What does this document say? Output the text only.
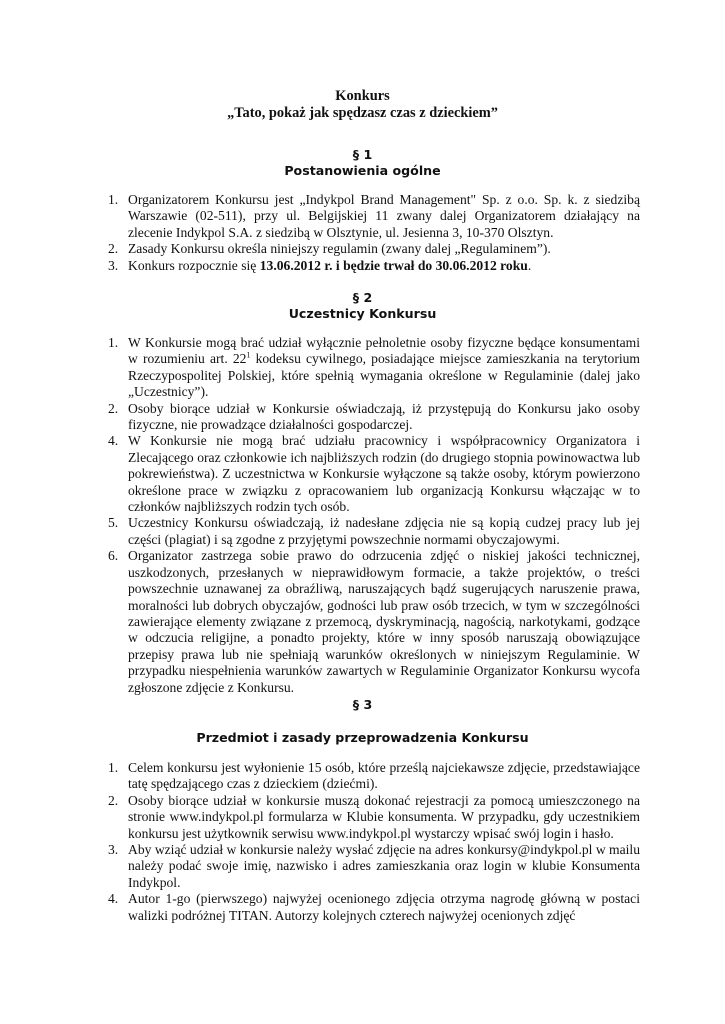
Konkurs

„Tato, pokaż jak spędzasz czas z dzieckiem”

§ 1

Postanowienia ogólne

1. Organizatorem Konkursu jest „Indykpol Brand Management" Sp. z o.o. Sp. k. z siedzibą Warszawie (02-511), przy ul. Belgijskiej 11 zwany dalej Organizatorem działający na zlecenie Indykpol S.A. z siedzibą w Olsztynie, ul. Jesienna 3, 10-370 Olsztyn.
2. Zasady Konkursu określa niniejszy regulamin (zwany dalej „Regulaminem”).
3. Konkurs rozpocznie się 13.06.2012 r. i będzie trwał do 30.06.2012 roku.

§ 2

Uczestnicy Konkursu

1. W Konkursie mogą brać udział wyłącznie pełnoletnie osoby fizyczne będące konsumentami w rozumieniu art. $22^1$ kodeksu cywilnego, posiadające miejsce zamieszkania na terytorium Rzeczypospolitej Polskiej, które spełnią wymagania określone w Regulaminie (dalej jako „Uczestnicy”).
2. Osoby biorące udział w Konkursie oświadczają, iż przystępują do Konkursu jako osoby fizyczne, nie prowadzące działalności gospodarczej.
4. W Konkursie nie mogą brać udziału pracownicy i współpracownicy Organizatora i Zlecającego oraz członkowie ich najbliższych rodzin (do drugiego stopnia powinowactwa lub pokrewieństwa). Z uczestnictwa w Konkursie wyłączone są także osoby, którym powierzono określone prace w związku z opracowaniem lub organizacją Konkursu włączając w to członków najbliższych rodzin tych osób.
5. Uczestnicy Konkursu oświadczają, iż nadesłane zdjęcia nie są kopią cudzej pracy lub jej części (plagiat) i są zgodne z przyjętymi powszechnie normami obyczajowymi.
6. Organizator zastrzega sobie prawo do odrzucenia zdjęć o niskiej jakości technicznej, uszkodzonych, przesłanych w nieprawidłowym formacie, a także projektów, o treści powszechnie uznawanej za obraźliwą, naruszających bądź sugerujących naruszenie prawa, moralności lub dobrych obyczajów, godności lub praw osób trzecich, w tym w szczególności zawierające elementy związane z przemocą, dyskryminacją, nagością, narkotykami, godzące w odczucia religijne, a ponadto projekty, które w inny sposób naruszają obowiązujące przepisy prawa lub nie spełniają warunków określonych w niniejszym Regulaminie. W przypadku niespełnienia warunków zawartych w Regulaminie Organizator Konkursu wycofa zgłoszone zdjęcie z Konkursu.

§ 3

Przedmiot i zasady przeprowadzenia Konkursu

1. Celem konkursu jest wyłonienie 15 osób, które prześlą najciekawsze zdjęcie, przedstawiające tatę spędzającego czas z dzieckiem (dziećmi).
2. Osoby biorące udział w konkursie muszą dokonać rejestracji za pomocą umieszczonego na stronie www.indykpol.pl formularza w Klubie konsumenta. W przypadku, gdy uczestnikiem konkursu jest użytkownik serwisu www.indykpol.pl wystarczy wpisać swój login i hasło.
3. Aby wziąć udział w konkursie należy wysłać zdjęcie na adres konkursy@indykpol.pl w mailu należy podać swoje imię, nazwisko i adres zamieszkania oraz login w klubie Konsumenta Indykpol.
4. Autor 1-go (pierwszego) najwyżej ocenionego zdjęcia otrzyma nagrodę główną w postaci walizki podróżnej TITAN. Autorzy kolejnych czterech najwyżej ocenionych zdjęć
